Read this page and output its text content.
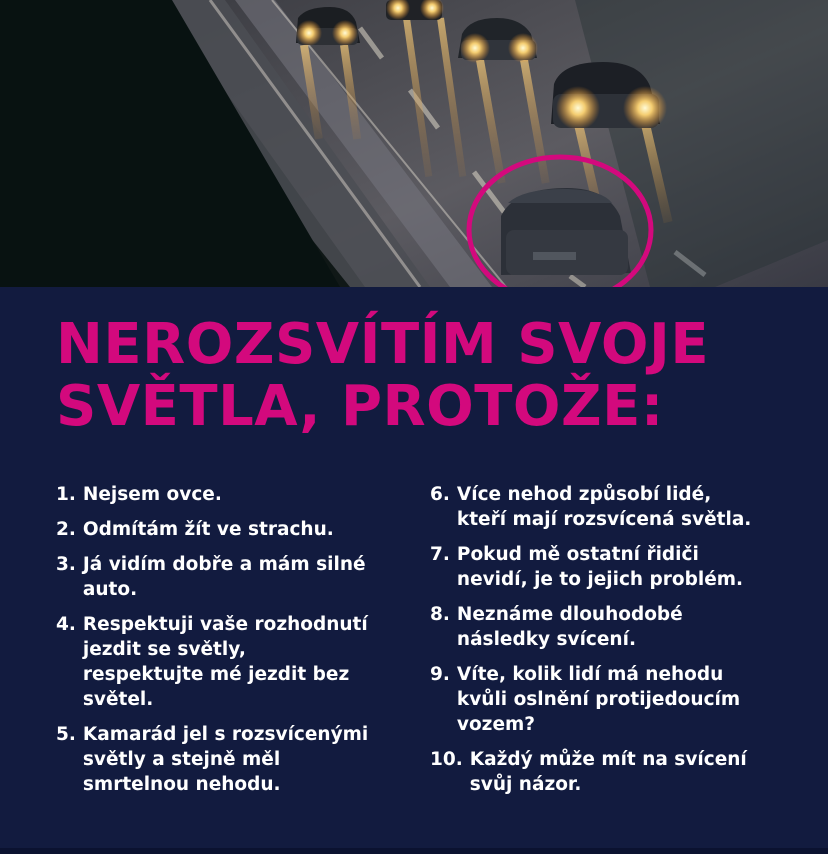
NEROZSVÍTÍM SVOJE
SVĚTLA, PROTOŽE:
1. Nejsem ovce.
2. Odmítám žít ve strachu.
3. Já vidím dobře a mám silné
auto.
4. Respektuji vaše rozhodnutí
jezdit se světly,
respektujte mé jezdit bez
světel.
5. Kamarád jel s rozsvícenými
světly a stejně měl
smrtelnou nehodu.
6. Více nehod způsobí lidé,
kteří mají rozsvícená světla.
7. Pokud mě ostatní řidiči
nevidí, je to jejich problém.
8. Neznáme dlouhodobé
následky svícení.
9. Víte, kolik lidí má nehodu
kvůli oslnění protijedoucím
vozem?
10. Každý může mít na svícení
svůj názor.
